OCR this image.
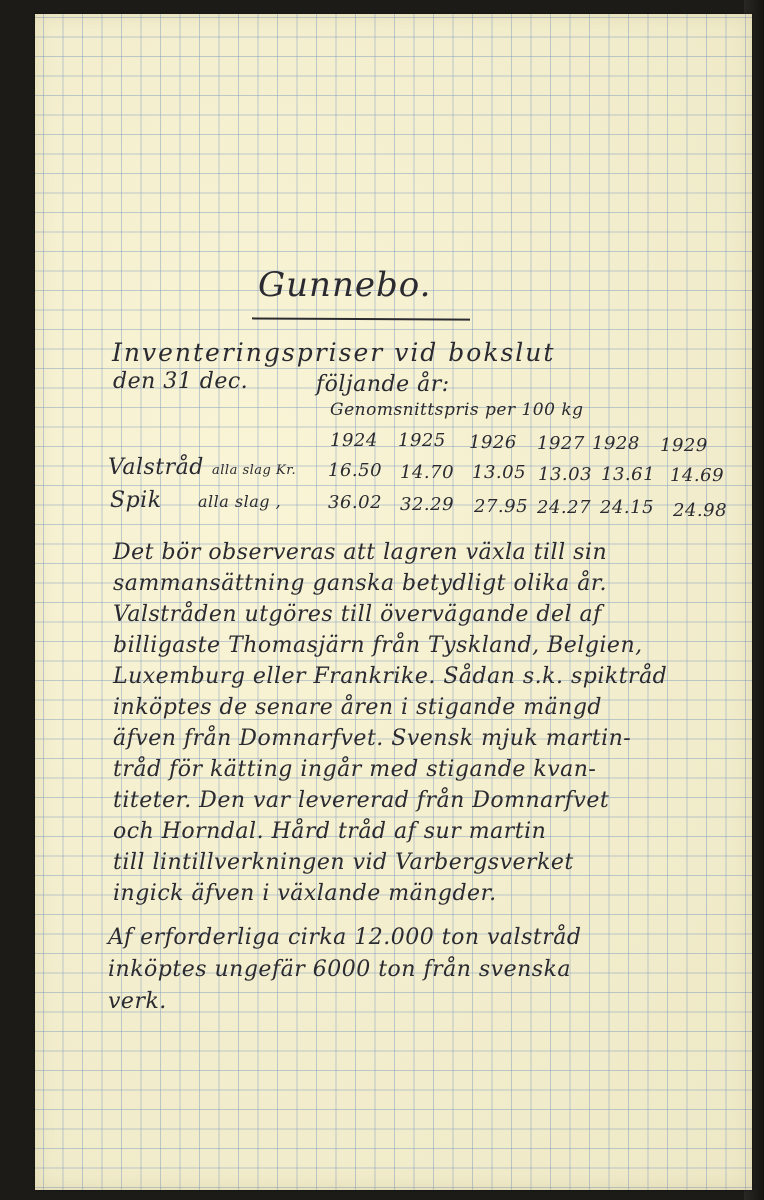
Gunnebo.
Inventeringspriser vid bokslut
den 31 dec.	följande år:
Genomsnittspris per 100 kg
1924 1925 1926 1927 1928 1929
Valstråd alla slag Kr. 16.50 14.70 13.05 13.03 13.61 14.69
Spik alla slag ,	36.02 32.29 27.95 24.27 24.15 24.98
Det bör observeras att lagren växla till sin
sammansättning ganska betydligt olika år.
Valstråden utgöres till övervägande del af
billigaste Thomasjärn från Tyskland, Belgien,
Luxemburg eller Frankrike. Sådan s.k. spiktråd
inköptes de senare åren i stigande mängd
äfven från Domnarfvet. Svensk mjuk martin-
tråd för kätting ingår med stigande kvan-
titeter. Den var levererad från Domnarfvet
och Horndal. Hård tråd af sur martin
till lintillverkningen vid Varbergsverket
ingick äfven i växlande mängder.
Af erforderliga cirka 12.000 ton valstråd
inköptes ungefär 6000 ton från svenska
verk.
